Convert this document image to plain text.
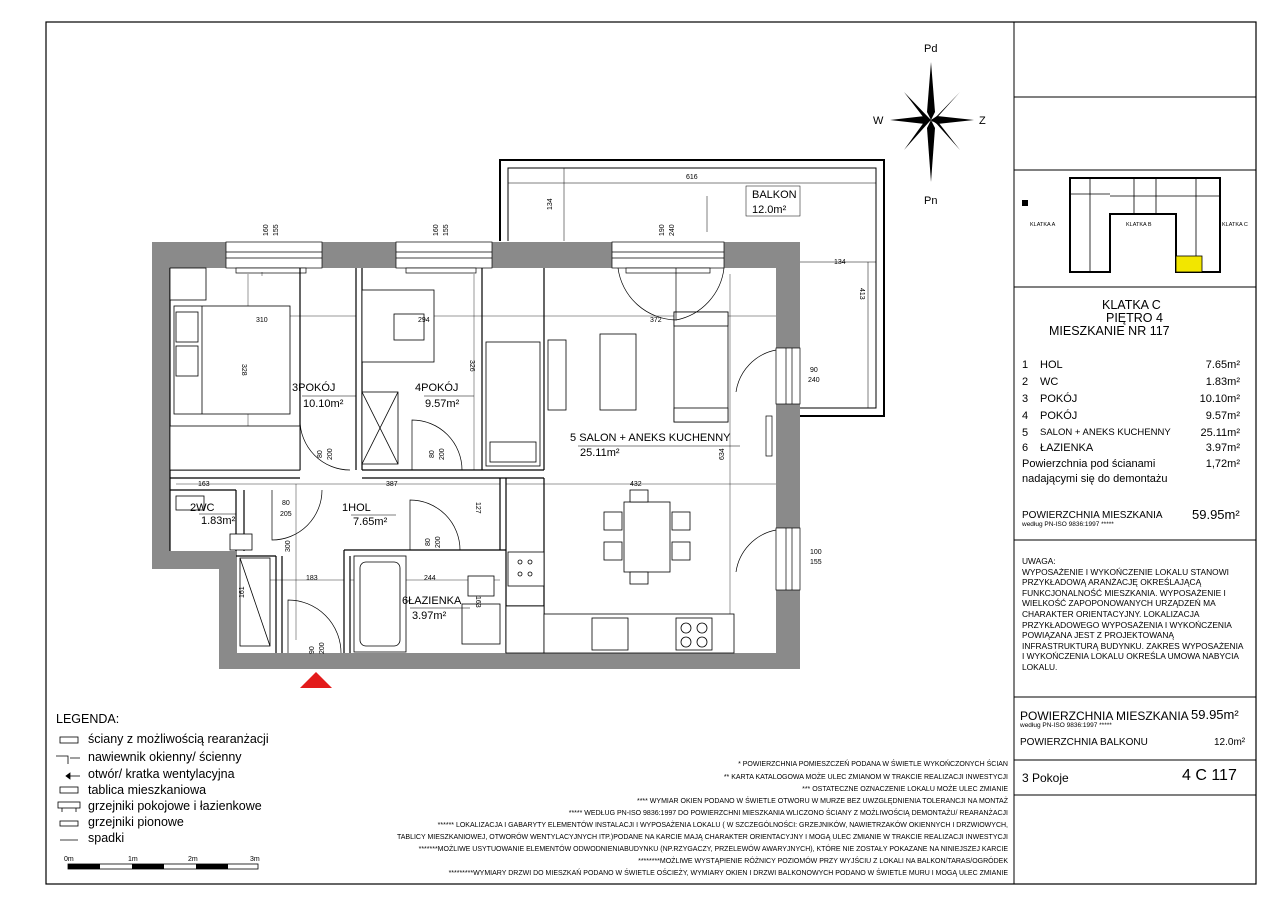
Pd
Pn
W	Z
616
134
134
413
BALKON
12.0m²
3POKÓJ
10.10m²
4POKÓJ
9.57m²
5 SALON + ANEKS KUCHENNY
25.11m²
2WC
1.83m²
1HOL
7.65m²
6ŁAZIENKA
3.97m²
160 155	160 155	190 240
310	294	372
328	326
634
163	387	432
183	244
300
161
127
163
80 200	80 200
80
205
80 200
90 200
90
240
100
155
KLATKA A	KLATKA B	KLATKA C
0m	1m	2m	3m
KLATKA C
PIĘTRO 4
MIESZKANIE NR 117
1 HOL	7.65m²
2 WC	1.83m²
3 POKÓJ	10.10m²
4 POKÓJ	9.57m²
5 SALON + ANEKS KUCHENNY	25.11m²
6 ŁAZIENKA	3.97m²
Powierzchnia pod ścianami	1,72m²
nadającymi się do demontażu
POWIERZCHNIA MIESZKANIA
według PN-ISO 9836:1997 *****
59.95m²
UWAGA:
WYPOSAŻENIE I WYKOŃCZENIE LOKALU STANOWI
PRZYKŁADOWĄ ARANŻACJĘ OKREŚLAJĄCĄ
FUNKCJONALNOŚĆ MIESZKANIA. WYPOSAŻENIE I
WIELKOŚĆ ZAPOPONOWANYCH URZĄDZEŃ MA
CHARAKTER ORIENTACYJNY. LOKALIZACJA
PRZYKŁADOWEGO WYPOSAŻENIA I WYKOŃCZENIA
POWIĄZANA JEST Z PROJEKTOWANĄ
INFRASTRUKTURĄ BUDYNKU. ZAKRES WYPOSAŻENIA
I WYKOŃCZENIA LOKALU OKREŚLA UMOWA NABYCIA
LOKALU.
POWIERZCHNIA MIESZKANIA
według PN-ISO 9836:1997 *****
59.95m²
POWIERZCHNIA BALKONU	12.0m²
3 Pokoje	4 C 117
LEGENDA:
ściany z możliwością rearanżacji
nawiewnik okienny/ ścienny
otwór/ kratka wentylacyjna
tablica mieszkaniowa
grzejniki pokojowe i łazienkowe
grzejniki pionowe
spadki
* POWIERZCHNIA POMIESZCZEŃ PODANA W ŚWIETLE WYKOŃCZONYCH ŚCIAN
** KARTA KATALOGOWA MOŻE ULEC ZMIANOM W TRAKCIE REALIZACJI INWESTYCJI
*** OSTATECZNE OZNACZENIE LOKALU MOŻE ULEC ZMIANIE
**** WYMIAR OKIEN PODANO W ŚWIETLE OTWORU W MURZE BEZ UWZGLĘDNIENIA TOLERANCJI NA MONTAŻ
***** WEDŁUG PN-ISO 9836:1997 DO POWIERZCHNI MIESZKANIA WLICZONO ŚCIANY Z MOŻLIWOŚCIĄ DEMONTAŻU/ REARANŻACJI
****** LOKALIZACJA I GABARYTY ELEMENTÓW INSTALACJI I WYPOSAŻENIA LOKALU ( W SZCZEGÓLNOŚCI: GRZEJNIKÓW, NAWIETRZAKÓW OKIENNYCH I DRZWIOWYCH,
TABLICY MIESZKANIOWEJ, OTWORÓW WENTYLACYJNYCH ITP.)PODANE NA KARCIE MAJĄ CHARAKTER ORIENTACYJNY I MOGĄ ULEC ZMIANIE W TRAKCIE REALIZACJI INWESTYCJI
*******MOŻLIWE USYTUOWANIE ELEMENTÓW ODWODNIENIABUDYNKU (NP.RZYGACZY, PRZELEWÓW AWARYJNYCH), KTÓRE NIE ZOSTAŁY POKAZANE NA NINIEJSZEJ KARCIE
********MOŻLIWE WYSTĄPIENIE RÓŻNICY POZIOMÓW PRZY WYJŚCIU Z LOKALI NA BALKON/TARAS/OGRÓDEK
*********WYMIARY DRZWI DO MIESZKAŃ PODANO W ŚWIETLE OŚCIEŻY, WYMIARY OKIEN I DRZWI BALKONOWYCH PODANO W ŚWIETLE MURU I MOGĄ ULEC ZMIANIE
